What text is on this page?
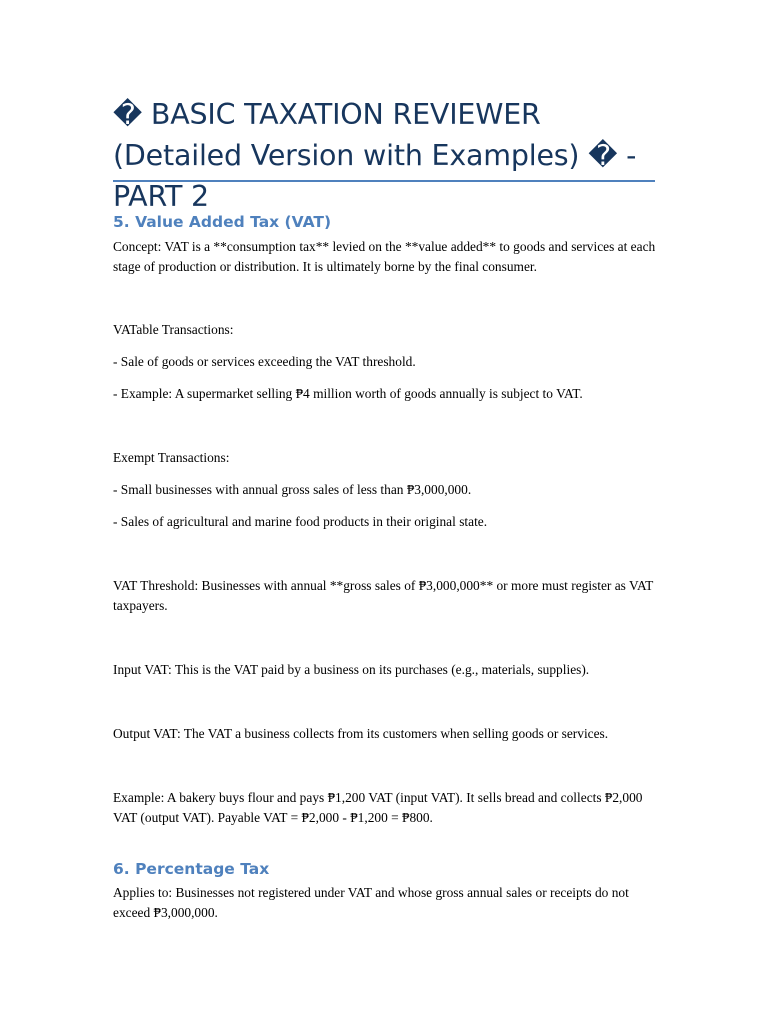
� BASIC TAXATION REVIEWER (Detailed Version with Examples) � - PART 2
5. Value Added Tax (VAT)

Concept: VAT is a **consumption tax** levied on the **value added** to goods and services at each stage of production or distribution. It is ultimately borne by the final consumer.

VATable Transactions:

- Sale of goods or services exceeding the VAT threshold.

- Example: A supermarket selling ₱4 million worth of goods annually is subject to VAT.

Exempt Transactions:

- Small businesses with annual gross sales of less than ₱3,000,000.

- Sales of agricultural and marine food products in their original state.

VAT Threshold: Businesses with annual **gross sales of ₱3,000,000** or more must register as VAT taxpayers.

Input VAT: This is the VAT paid by a business on its purchases (e.g., materials, supplies).

Output VAT: The VAT a business collects from its customers when selling goods or services.

Example: A bakery buys flour and pays ₱1,200 VAT (input VAT). It sells bread and collects ₱2,000 VAT (output VAT). Payable VAT = ₱2,000 - ₱1,200 = ₱800.

6. Percentage Tax

Applies to: Businesses not registered under VAT and whose gross annual sales or receipts do not exceed ₱3,000,000.
